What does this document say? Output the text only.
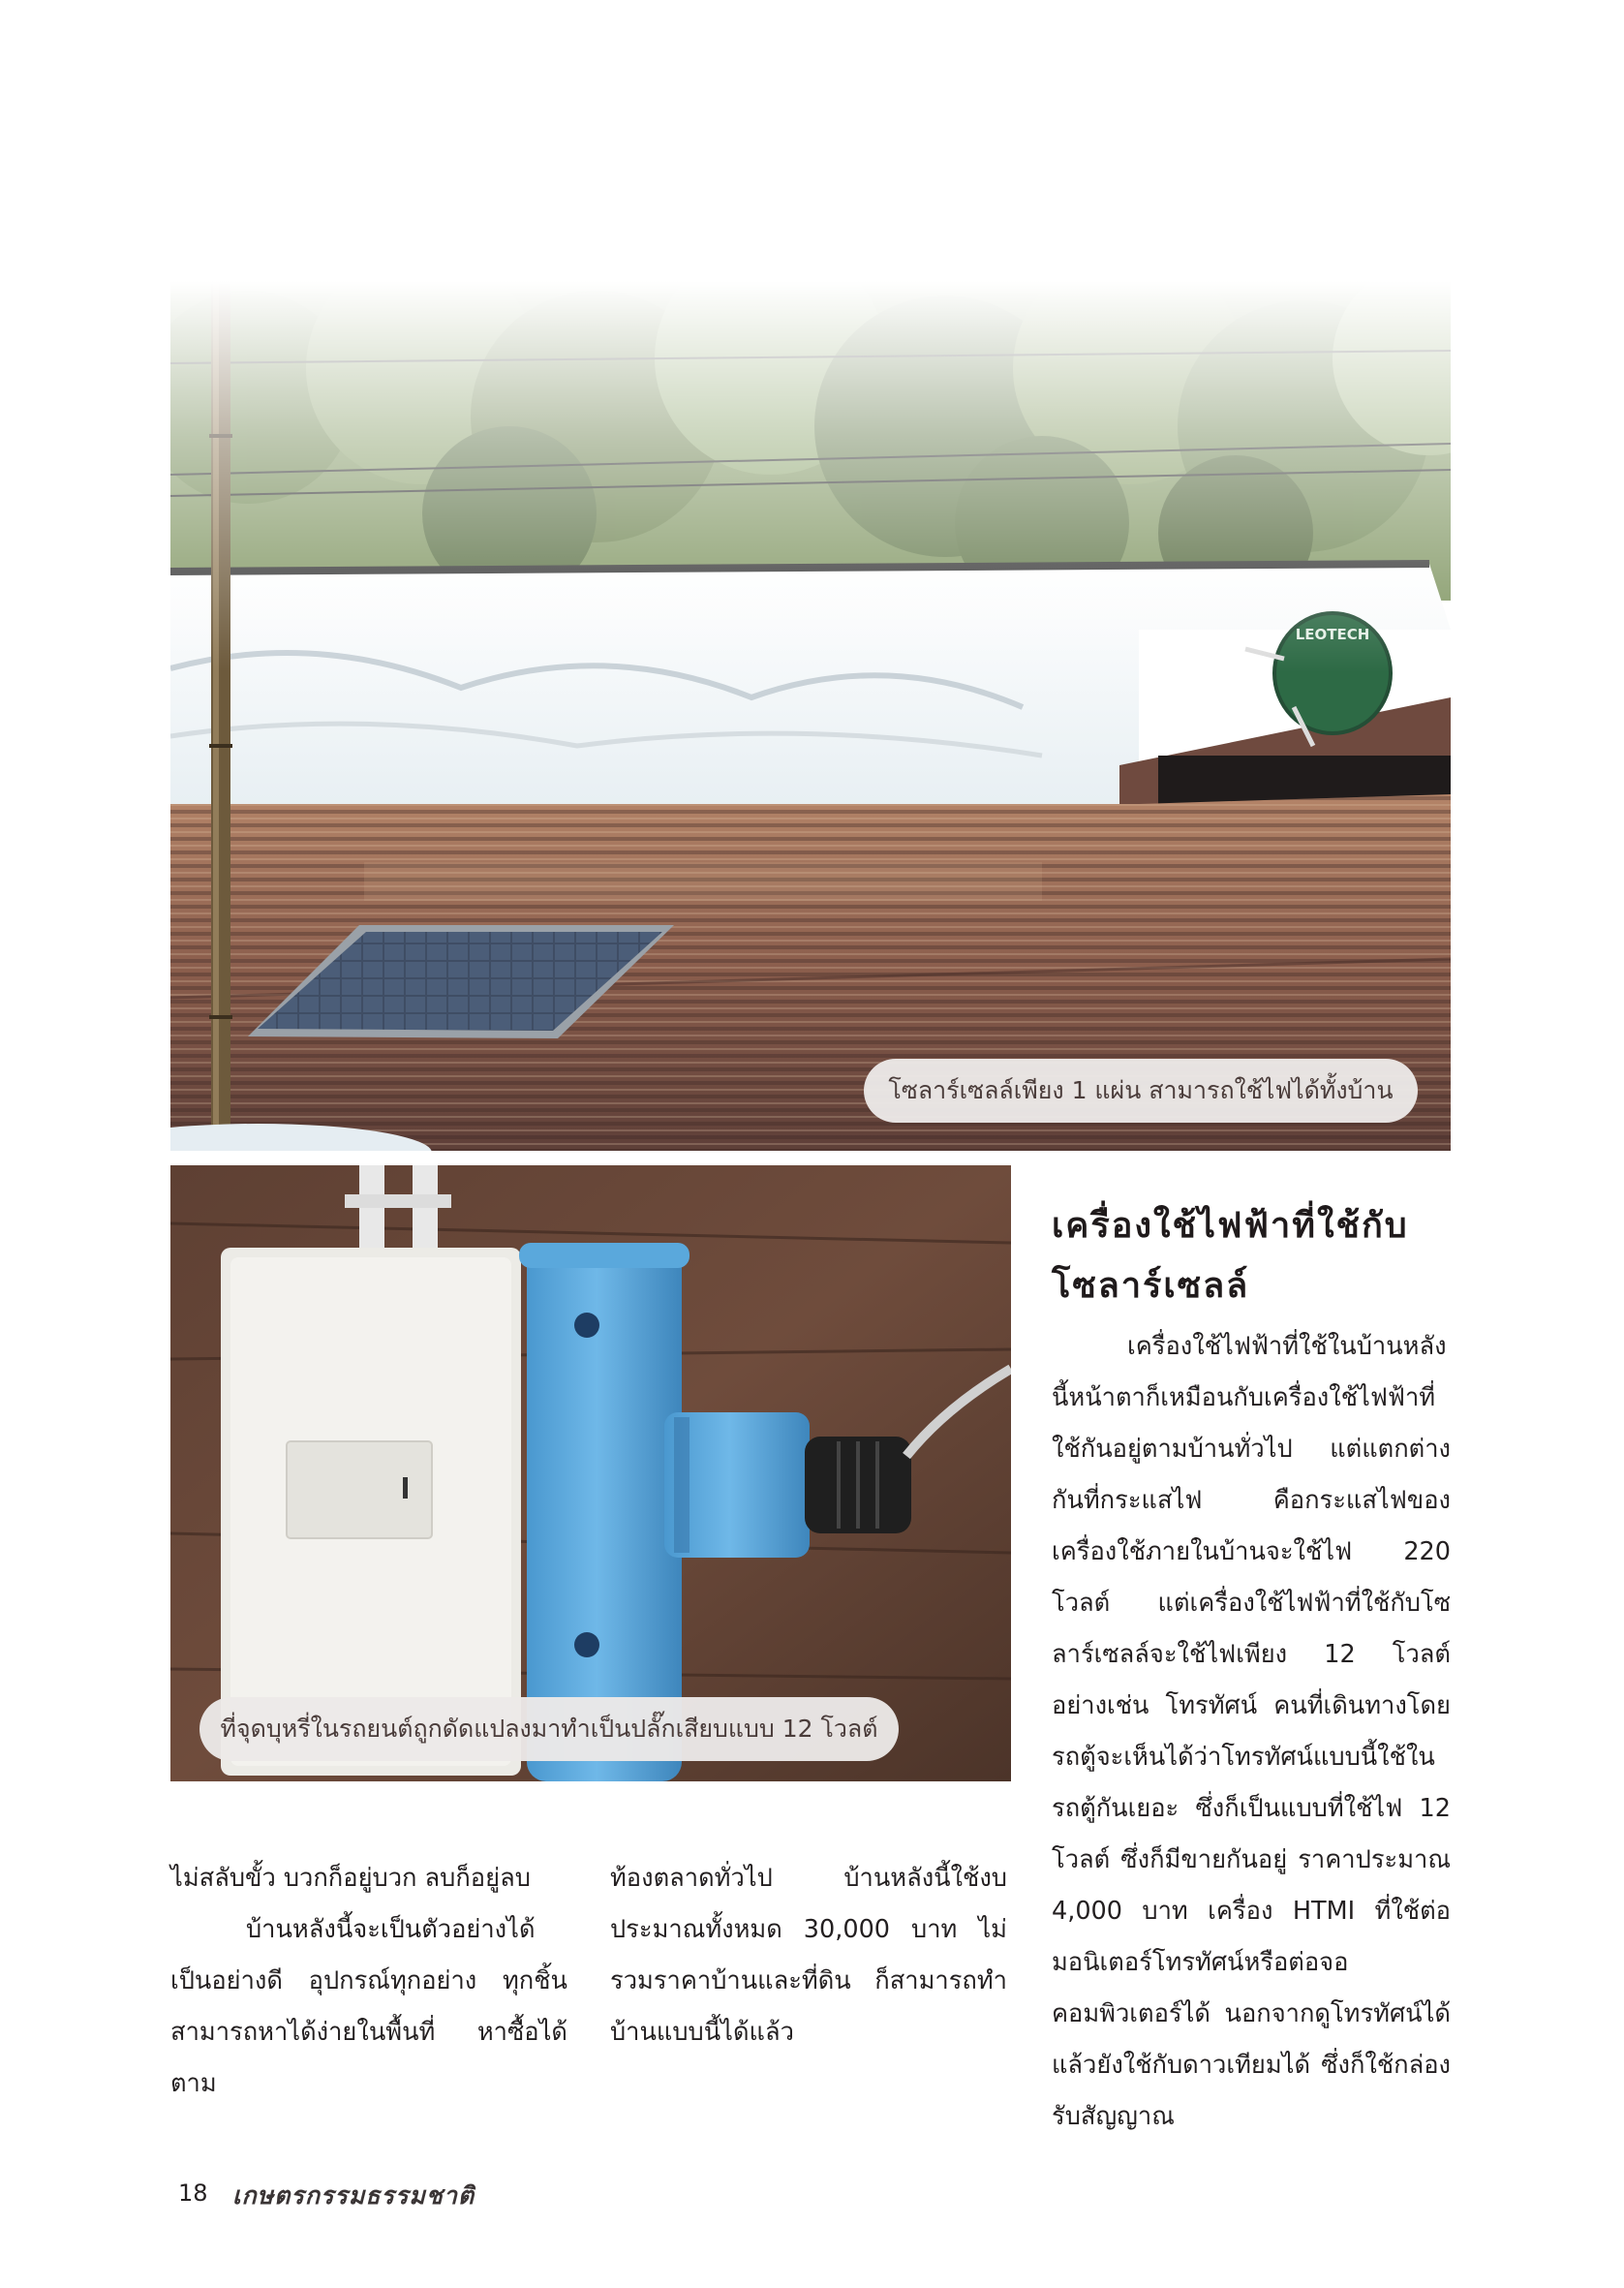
โซลาร์เซลล์เพียง 1 แผ่น สามารถใช้ไฟได้ทั้งบ้าน
ที่จุดบุหรี่ในรถยนต์ถูกดัดแปลงมาทำเป็นปลั๊กเสียบแบบ 12 โวลต์
เครื่องใช้ไฟฟ้าที่ใช้กับโซลาร์เซลล์

เครื่องใช้ไฟฟ้าที่ใช้ในบ้านหลังนี้หน้าตาก็เหมือนกับเครื่องใช้ไฟฟ้าที่ใช้กันอยู่ตามบ้านทั่วไป แต่แตกต่างกันที่กระแสไฟ คือกระแสไฟของเครื่องใช้ภายในบ้านจะใช้ไฟ 220 โวลต์ แต่เครื่องใช้ไฟฟ้าที่ใช้กับโซลาร์เซลล์จะใช้ไฟเพียง 12 โวลต์ อย่างเช่น โทรทัศน์ คนที่เดินทางโดยรถตู้จะเห็นได้ว่าโทรทัศน์แบบนี้ใช้ในรถตู้กันเยอะ ซึ่งก็เป็นแบบที่ใช้ไฟ 12 โวลต์ ซึ่งก็มีขายกันอยู่ ราคาประมาณ 4,000 บาท เครื่อง HTMI ที่ใช้ต่อมอนิเตอร์โทรทัศน์หรือต่อจอคอมพิวเตอร์ได้ นอกจากดูโทรทัศน์ได้แล้วยังใช้กับดาวเทียมได้ ซึ่งก็ใช้กล่องรับสัญญาณ

ไม่สลับขั้ว บวกก็อยู่บวก ลบก็อยู่ลบ

บ้านหลังนี้จะเป็นตัวอย่างได้เป็นอย่างดี อุปกรณ์ทุกอย่าง ทุกชิ้นสามารถหาได้ง่ายในพื้นที่ หาซื้อได้ตาม

ท้องตลาดทั่วไป บ้านหลังนี้ใช้งบประมาณทั้งหมด 30,000 บาท ไม่รวมราคาบ้านและที่ดิน ก็สามารถทำบ้านแบบนี้ได้แล้ว

18 เกษตรกรรมธรรมชาติ
